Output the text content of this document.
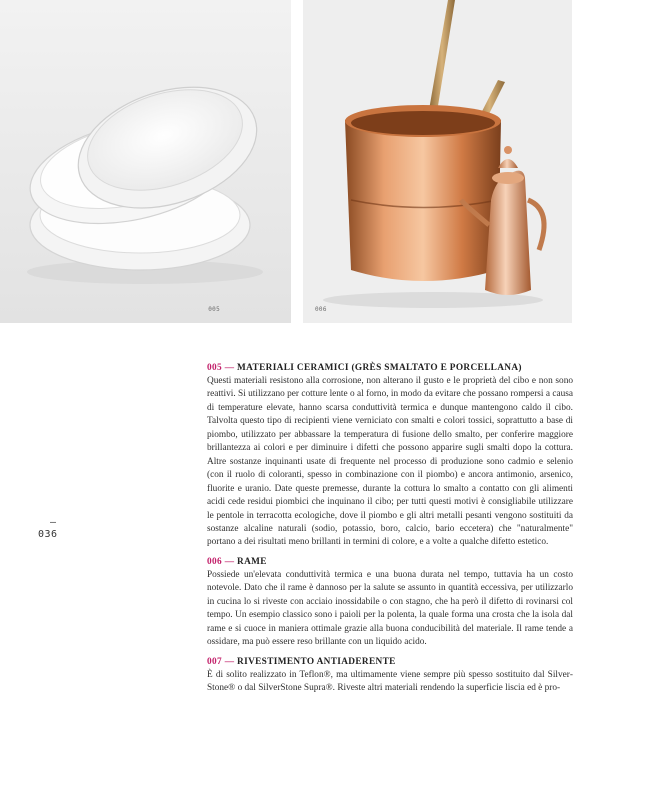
005	006
—
036
005 — MATERIALI CERAMICI (GRÈS SMALTATO E PORCELLANA)
Questi materiali resistono alla corrosione, non alterano il gusto e le proprietà del cibo e non sono reattivi. Si utilizzano per cotture lente o al forno, in modo da evitare che possano rompersi a causa di temperature elevate, hanno scarsa conduttività termica e dunque mantengono caldo il cibo. Talvolta questo tipo di recipienti viene verniciato con smalti e colori tossici, soprattutto a base di piombo, utilizzato per abbassare la temperatura di fusione dello smalto, per conferire maggiore brillantezza ai colori e per diminuire i difetti che possono apparire sugli smalti dopo la cottura. Altre sostanze inquinanti usate di frequente nel processo di produzione sono cadmio e selenio (con il ruolo di coloranti, spesso in combinazione con il piombo) e ancora antimonio, arsenico, fluorite e uranio. Date queste premesse, durante la cottura lo smalto a contatto con gli alimenti acidi cede residui piombici che inquinano il cibo; per tutti questi motivi è consigliabile utilizzare le pentole in terracotta ecologiche, dove il piombo e gli altri metalli pesanti vengono sostituiti da sostanze alcaline naturali (sodio, potassio, boro, calcio, bario eccetera) che "naturalmente" portano a dei risultati meno brillanti in termini di colore, e a volte a qualche difetto estetico.
006 — RAME
Possiede un'elevata conduttività termica e una buona durata nel tempo, tuttavia ha un costo notevole. Dato che il rame è dannoso per la salute se assunto in quantità eccessiva, per utilizzarlo in cucina lo si riveste con acciaio inossidabile o con stagno, che ha però il difetto di rovinarsi col tempo. Un esempio classico sono i paioli per la polenta, la quale forma una crosta che la isola dal rame e si cuoce in maniera ottimale grazie alla buona conducibilità del materiale. Il rame tende a ossidare, ma può essere reso brillante con un liquido acido.
007 — RIVESTIMENTO ANTIADERENTE
È di solito realizzato in Teflon®, ma ultimamente viene sempre più spesso sostituito dal SilverStone® o dal SilverStone Supra®. Riveste altri materiali rendendo la superficie liscia ed è pro-
